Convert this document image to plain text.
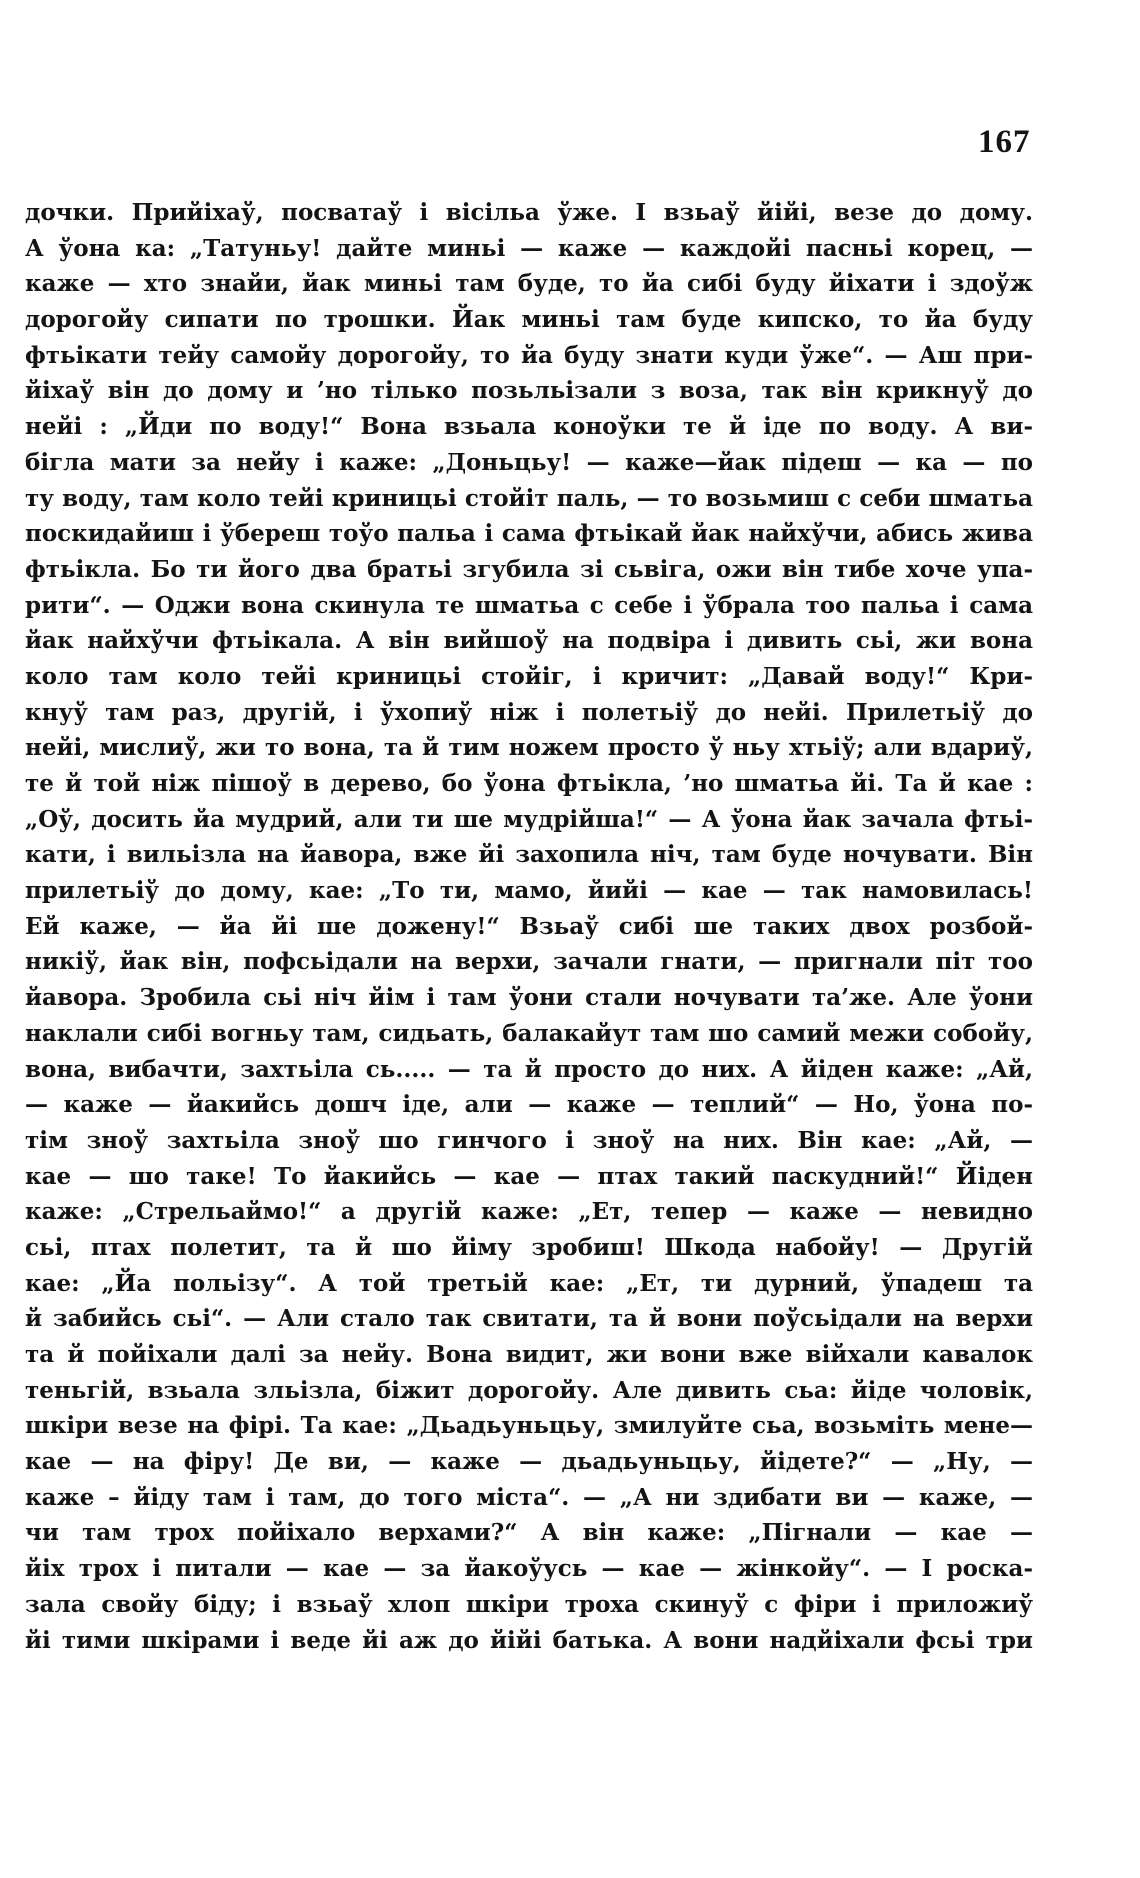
167
дочки. Прийіхаў, посватаў і вісільа ўже. І взьаў йійі, везе до дому.
А ўона ка: „Татуньу! дайте миньі — каже — каждойі пасньі корец, —
каже — хто знайи, йак миньі там буде, то йа сибі буду йіхати і здоўж
дорогойу сипати по трошки. Йак миньі там буде кипско, то йа буду
фтьікати тейу самойу дорогойу, то йа буду знати куди ўже“. — Аш при-
йіхаў він до дому и ’но тілько позьльізали з воза, так він крикнуў до
нейі : „Йди по воду!“ Вона взьала коноўки те й іде по воду. А ви-
бігла мати за нейу і каже: „Доньцьу! — каже—йак підеш — ка — по
ту воду, там коло тейі криницьі стойіт паль, — то возьмиш с себи шматьа
поскидайиш і ўбереш тоўо пальа і сама фтьікай йак найхўчи, абись жива
фтьікла. Бо ти його два братьі згубила зі сьвіга, ожи він тибе хоче упа-
рити“. — Оджи вона скинула те шматьа с себе і ўбрала тоо пальа і сама
йак найхўчи фтьікала. А він вийшоў на подвіра і дивить сьі, жи вона
коло там коло тейі криницьі стойіг, і кричит: „Давай воду!“ Кри-
кнуў там раз, другій, і ўхопиў ніж і полетьіў до нейі. Прилетьіў до
нейі, мислиў, жи то вона, та й тим ножем просто ў ньу хтьіў; али вдариў,
те й той ніж пішоў в дерево, бо ўона фтьікла, ’но шматьа йі. Та й кае :
„Оў, досить йа мудрий, али ти ше мудрійша!“ — А ўона йак зачала фтьі-
кати, і вильізла на йавора, вже йі захопила ніч, там буде ночувати. Він
прилетьіў до дому, кае: „То ти, мамо, йийі — кае — так намовилась!
Ей каже, — йа йі ше дожену!“ Взьаў сибі ше таких двох розбой-
никіў, йак він, пофсьідали на верхи, зачали гнати, — пригнали піт тоо
йавора. Зробила сьі ніч йім і там ўони стали ночувати та’же. Але ўони
наклали сибі вогньу там, сидьать, балакайут там шо самий межи собойу,
вона, вибачти, захтьіла сь..... — та й просто до них. А йіден каже: „Ай,
— каже — йакийсь дошч іде, али — каже — теплий“ — Но, ўона по-
тім зноў захтьіла зноў шо гинчого і зноў на них. Він кае: „Ай, —
кае — шо таке! То йакийсь — кае — птах такий паскудний!“ Йіден
каже: „Стрельаймо!“ а другій каже: „Ет, тепер — каже — невидно
сьі, птах полетит, та й шо йіму зробиш! Шкода набойу! — Другій
кае: „Йа польізу“. А той третьій кае: „Ет, ти дурний, ўпадеш та
й забийсь сьі“. — Али стало так свитати, та й вони поўсьідали на верхи
та й пойіхали далі за нейу. Вона видит, жи вони вже війхали кавалок
теньгій, взьала зльізла, біжит дорогойу. Але дивить сьа: йіде чоловік,
шкіри везе на фірі. Та кае: „Дьадьуньцьу, змилуйте сьа, возьміть мене—
кае — на фіру! Де ви, — каже — дьадьуньцьу, йідете?“ — „Ну, —
каже – йіду там і там, до того міста“. — „А ни здибати ви — каже, —
чи там трох пойіхало верхами?“ А він каже: „Пігнали — кае —
йіх трох і питали — кае — за йакоўусь — кае — жінкойу“. — І роска-
зала свойу біду; і взьаў хлоп шкіри троха скинуў с фіри і приложиў
йі тими шкірами і веде йі аж до йійі батька. А вони надйіхали фсьі три
